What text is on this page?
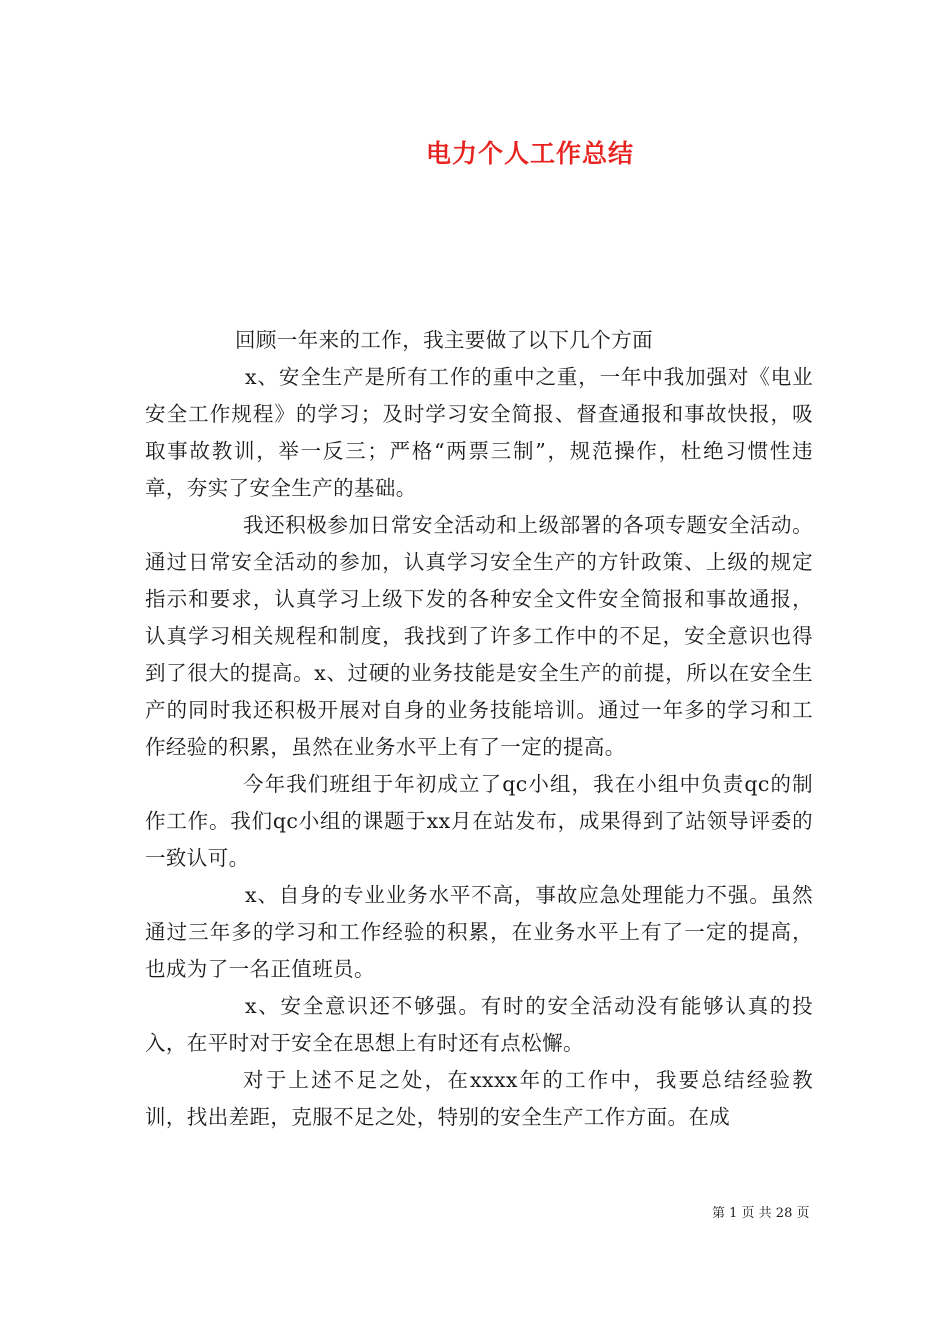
电力个人工作总结

回顾一年来的工作，我主要做了以下几个方面

x、安全生产是所有工作的重中之重，一年中我加强对《电业安全工作规程》的学习；及时学习安全简报、督查通报和事故快报，吸取事故教训，举一反三；严格“两票三制”，规范操作，杜绝习惯性违章，夯实了安全生产的基础。

我还积极参加日常安全活动和上级部署的各项专题安全活动。通过日常安全活动的参加，认真学习安全生产的方针政策、上级的规定指示和要求，认真学习上级下发的各种安全文件安全简报和事故通报，认真学习相关规程和制度，我找到了许多工作中的不足，安全意识也得到了很大的提高。x、过硬的业务技能是安全生产的前提，所以在安全生产的同时我还积极开展对自身的业务技能培训。通过一年多的学习和工作经验的积累，虽然在业务水平上有了一定的提高。

今年我们班组于年初成立了qc小组，我在小组中负责qc的制作工作。我们qc小组的课题于xx月在站发布，成果得到了站领导评委的一致认可。

x、自身的专业业务水平不高，事故应急处理能力不强。虽然通过三年多的学习和工作经验的积累，在业务水平上有了一定的提高，也成为了一名正值班员。

x、安全意识还不够强。有时的安全活动没有能够认真的投入，在平时对于安全在思想上有时还有点松懈。

对于上述不足之处，在xxxx年的工作中，我要总结经验教训，找出差距，克服不足之处，特别的安全生产工作方面。在成

第 1 页 共 28 页
